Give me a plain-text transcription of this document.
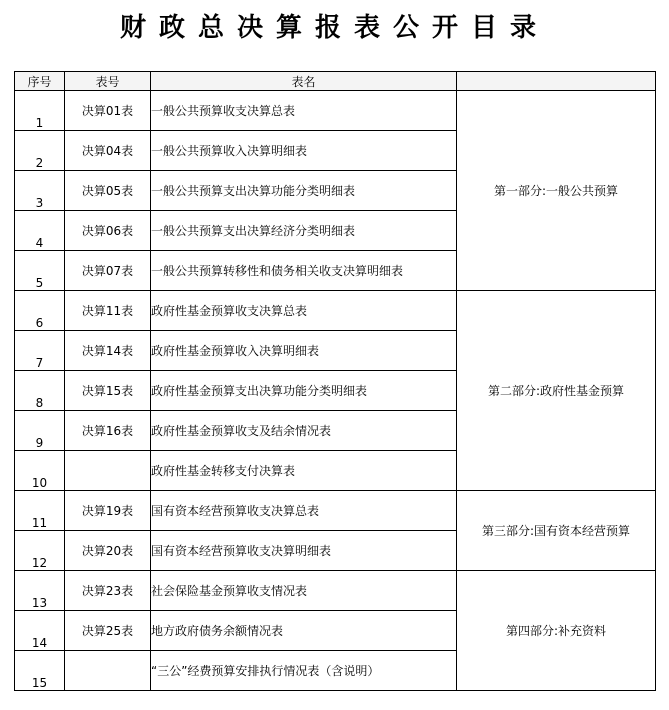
财政总决算报表公开目录
序号	表号	表名	
1	决算01表	一般公共预算收支决算总表	第一部分:一般公共预算
2	决算04表	一般公共预算收入决算明细表	
3	决算05表	一般公共预算支出决算功能分类明细表	
4	决算06表	一般公共预算支出决算经济分类明细表	
5	决算07表	一般公共预算转移性和债务相关收支决算明细表	
6	决算11表	政府性基金预算收支决算总表	第二部分:政府性基金预算
7	决算14表	政府性基金预算收入决算明细表	
8	决算15表	政府性基金预算支出决算功能分类明细表	
9	决算16表	政府性基金预算收支及结余情况表	
10		政府性基金转移支付决算表	
11	决算19表	国有资本经营预算收支决算总表	第三部分:国有资本经营预算
12	决算20表	国有资本经营预算收支决算明细表	
13	决算23表	社会保险基金预算收支情况表	第四部分:补充资料
14	决算25表	地方政府债务余额情况表	
15		“三公”经费预算安排执行情况表（含说明）	
